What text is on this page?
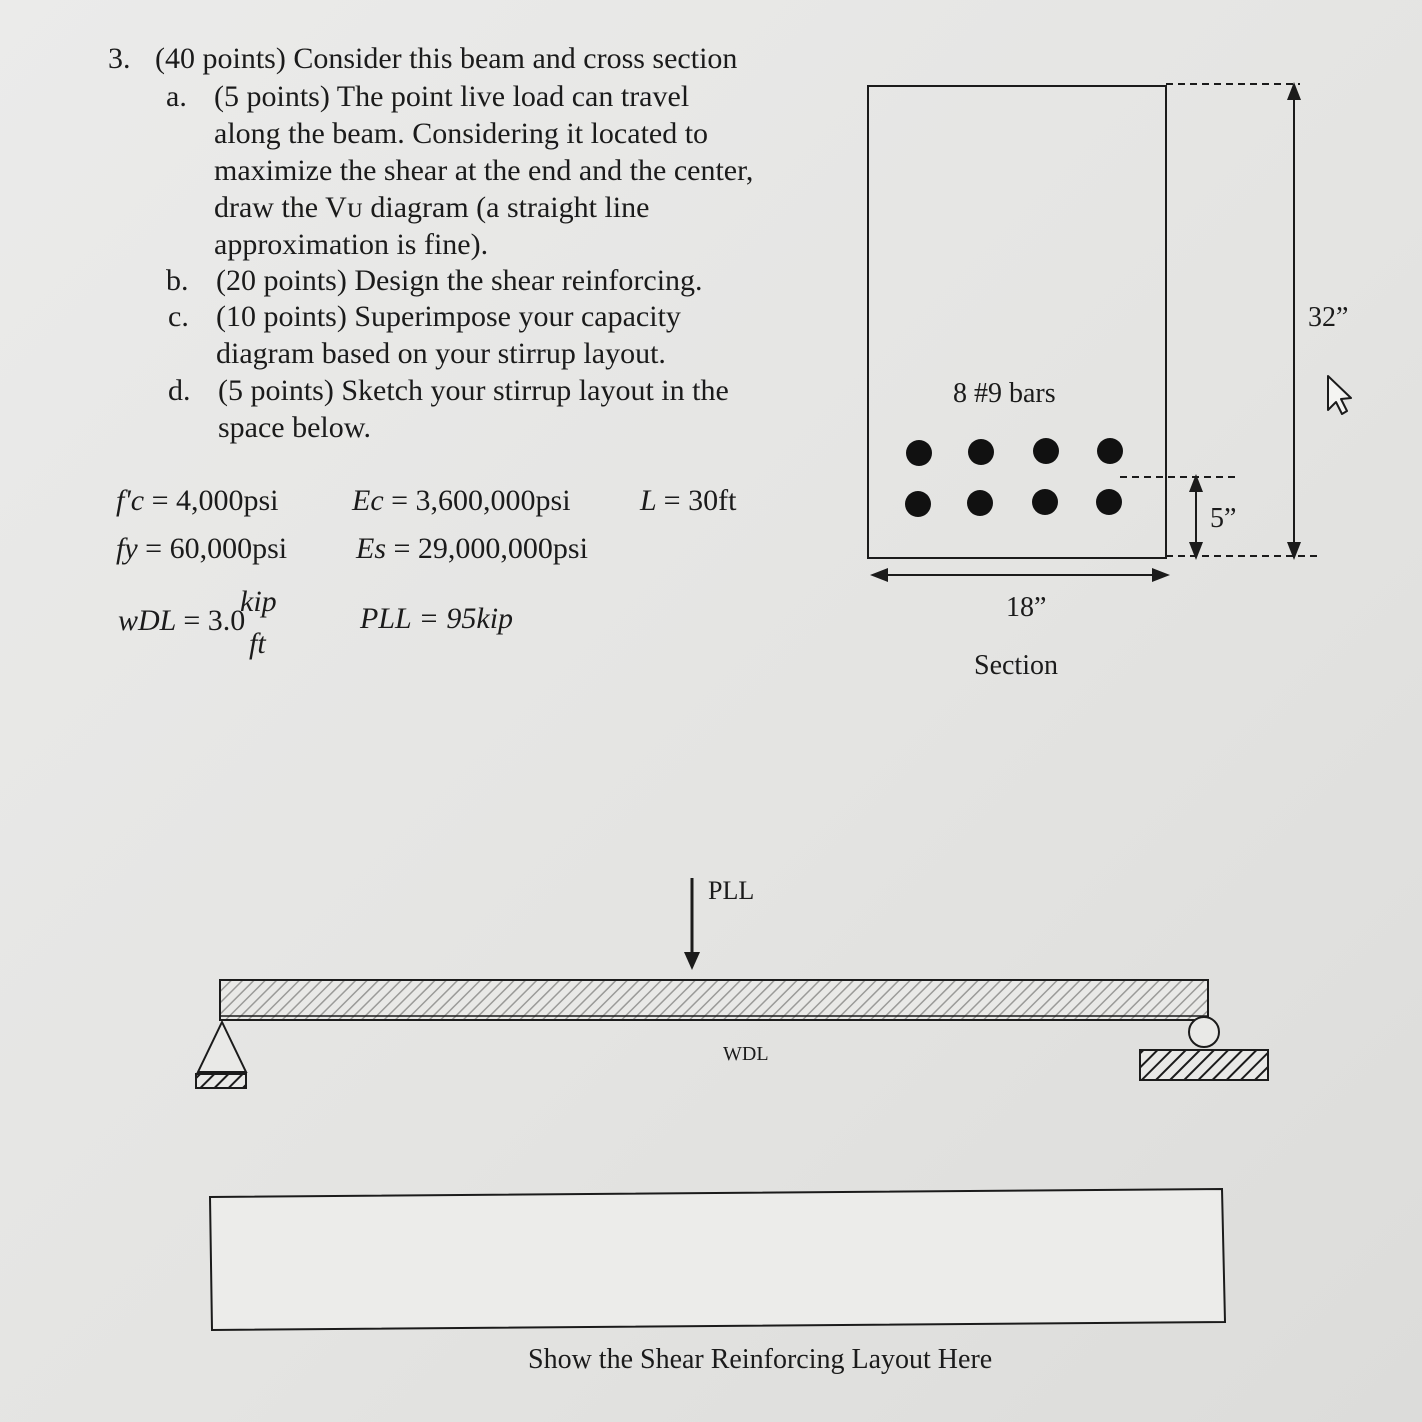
3. (40 points) Consider this beam and cross section
a. (5 points) The point live load can travel
along the beam. Considering it located to
maximize the shear at the end and the center,
draw the Vᴜ diagram (a straight line
approximation is fine).
b. (20 points) Design the shear reinforcing.
c. (10 points) Superimpose your capacity
diagram based on your stirrup layout.
d. (5 points) Sketch your stirrup layout in the
space below.
f'c = 4,000psi
fy = 60,000psi
wDL = 3.0
kip
ft
Ec = 3,600,000psi
Es = 29,000,000psi
PLL = 95kip
L = 30ft
8 #9 bars
32”
5”
18”
Section
PLL
WDL
Show the Shear Reinforcing Layout Here
